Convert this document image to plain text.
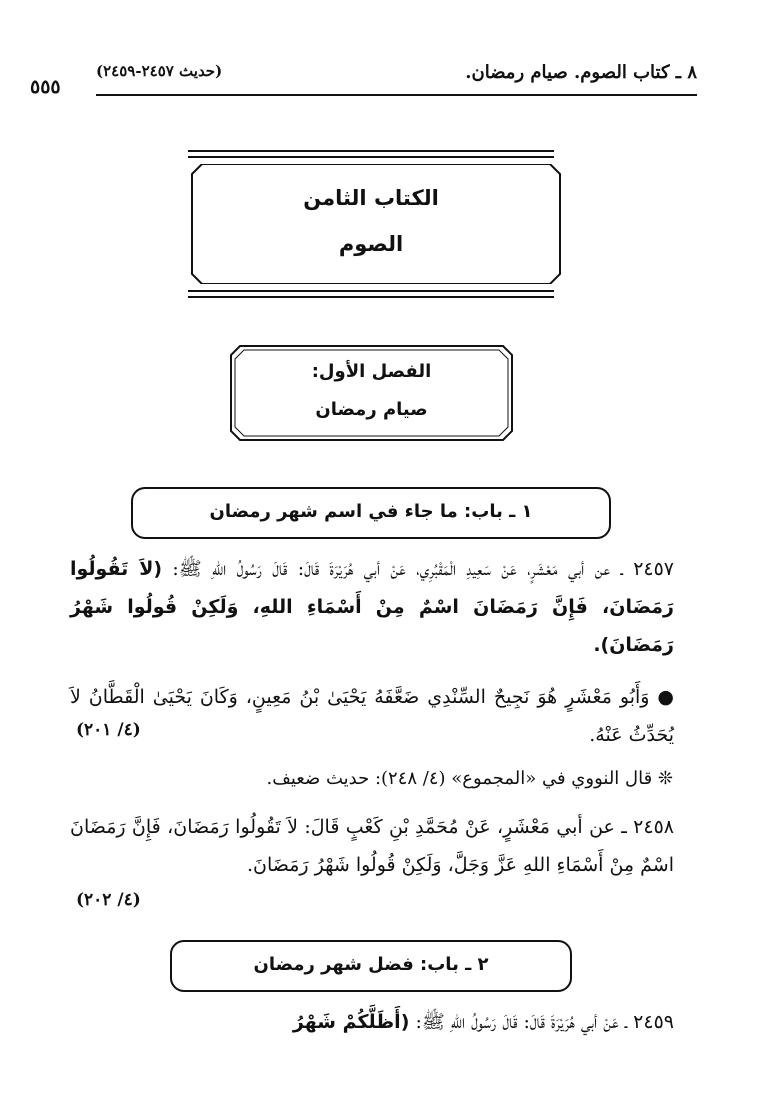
٨ ـ كتاب الصوم. صيام رمضان.
(حديث ٢٤٥٧-٢٤٥٩)
٥٥٥
الكتاب الثامن
الصوم
الفصل الأول:
صيام رمضان
١ ـ باب: ما جاء في اسم شهر رمضان
٢٤٥٧ ـ عن أبي مَعْشَرٍ، عَنْ سَعِيدِ الْمَقْبُرِي، عَنْ أبي هُرَيْرَةَ قَالَ: قَالَ رَسُولُ اللهِ ﷺ: (لاَ تَقُولُوا رَمَضَانَ، فَإِنَّ رَمَضَانَ اسْمٌ مِنْ أَسْمَاءِ اللهِ، وَلَكِنْ قُولُوا شَهْرُ رَمَضَانَ).
● وَأَبُو مَعْشَرٍ هُوَ نَجِيحٌ السِّنْدِي ضَعَّفَهُ يَحْيَىٰ بْنُ مَعِينٍ، وَكَانَ يَحْيَىٰ الْقَطَّانُ لاَ يُحَدِّثُ عَنْهُ.
(٤/ ٢٠١)
❊ قال النووي في «المجموع» (٤/ ٢٤٨): حديث ضعيف.
٢٤٥٨ ـ عن أبي مَعْشَرٍ، عَنْ مُحَمَّدِ بْنِ كَعْبٍ قَالَ: لاَ تَقُولُوا رَمَضَانَ، فَإِنَّ رَمَضَانَ اسْمٌ مِنْ أَسْمَاءِ اللهِ عَزَّ وَجَلَّ، وَلَكِنْ قُولُوا شَهْرُ رَمَضَانَ.
(٤/ ٢٠٢)
٢ ـ باب: فضل شهر رمضان
٢٤٥٩ ـ عَنْ أبي هُرَيْرَةَ قَالَ: قَالَ رَسُولُ اللهِ ﷺ: (أَظَلَّكُمْ شَهْرُ
